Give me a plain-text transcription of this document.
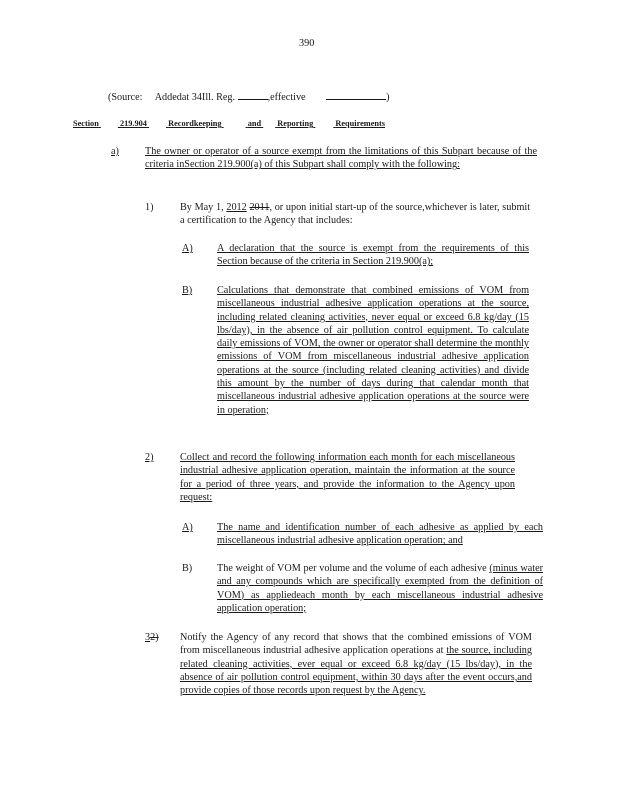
390
(Source: Addedat 34Ill. Reg.	,effective	)
Section	219.904	Recordkeeping	and Reporting	Requirements
a)	The owner or operator of a source exempt from the limitations of this Subpart because of the criteria inSection 219.900(a) of this Subpart shall comply with the following:
1)	By May 1, 2012 2011, or upon initial start-up of the source,whichever is later, submit a certification to the Agency that includes:
A) A declaration that the source is exempt from the requirements of this Section because of the criteria in Section 219.900(a);
B) Calculations that demonstrate that combined emissions of VOM from miscellaneous industrial adhesive application operations at the source, including related cleaning activities, never equal or exceed 6.8 kg/day (15 lbs/day), in the absence of air pollution control equipment. To calculate daily emissions of VOM, the owner or operator shall determine the monthly emissions of VOM from miscellaneous industrial adhesive application operations at the source (including related cleaning activities) and divide this amount by the number of days during that calendar month that miscellaneous industrial adhesive application operations at the source were in operation;
2)	Collect and record the following information each month for each miscellaneous industrial adhesive application operation, maintain the information at the source for a period of three years, and provide the information to the Agency upon request:
A) The name and identification number of each adhesive as applied by each miscellaneous industrial adhesive application operation; and
B) The weight of VOM per volume and the volume of each adhesive (minus water and any compounds which are specifically exempted from the definition of VOM) as appliedeach month by each miscellaneous industrial adhesive application operation;
32) Notify the Agency of any record that shows that the combined emissions of VOM from miscellaneous industrial adhesive application operations at the source, including related cleaning activities, ever equal or exceed 6.8 kg/day (15 lbs/day), in the absence of air pollution control equipment, within 30 days after the event occurs,and provide copies of those records upon request by the Agency.
